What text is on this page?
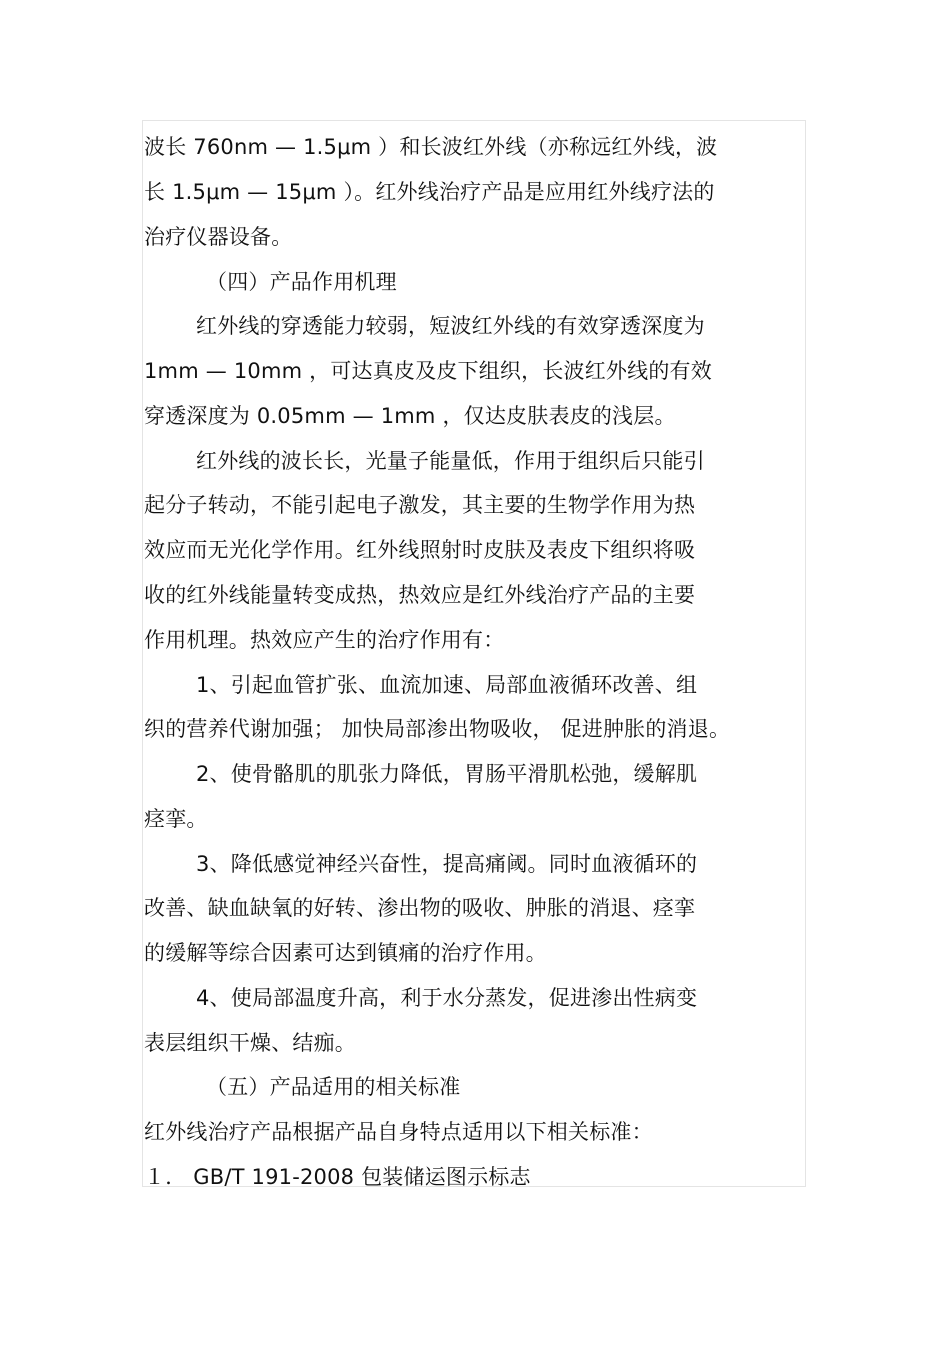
波长 760nm — 1.5μm ）和长波红外线（亦称远红外线，波
长 1.5μm — 15μm ）。红外线治疗产品是应用红外线疗法的
治疗仪器设备。
（四）产品作用机理
红外线的穿透能力较弱，短波红外线的有效穿透深度为
1mm — 10mm ，可达真皮及皮下组织，长波红外线的有效
穿透深度为 0.05mm — 1mm ，仅达皮肤表皮的浅层。
红外线的波长长，光量子能量低，作用于组织后只能引
起分子转动，不能引起电子激发，其主要的生物学作用为热
效应而无光化学作用。红外线照射时皮肤及表皮下组织将吸
收的红外线能量转变成热，热效应是红外线治疗产品的主要
作用机理。热效应产生的治疗作用有：
1、引起血管扩张、血流加速、局部血液循环改善、组
织的营养代谢加强； 加快局部渗出物吸收， 促进肿胀的消退。
2、使骨骼肌的肌张力降低，胃肠平滑肌松弛，缓解肌
痉挛。
3、降低感觉神经兴奋性，提高痛阈。同时血液循环的
改善、缺血缺氧的好转、渗出物的吸收、肿胀的消退、痉挛
的缓解等综合因素可达到镇痛的治疗作用。
4、使局部温度升高，利于水分蒸发，促进渗出性病变
表层组织干燥、结痂。
（五）产品适用的相关标准
红外线治疗产品根据产品自身特点适用以下相关标准：
１． GB/T 191-2008 包装储运图示标志
